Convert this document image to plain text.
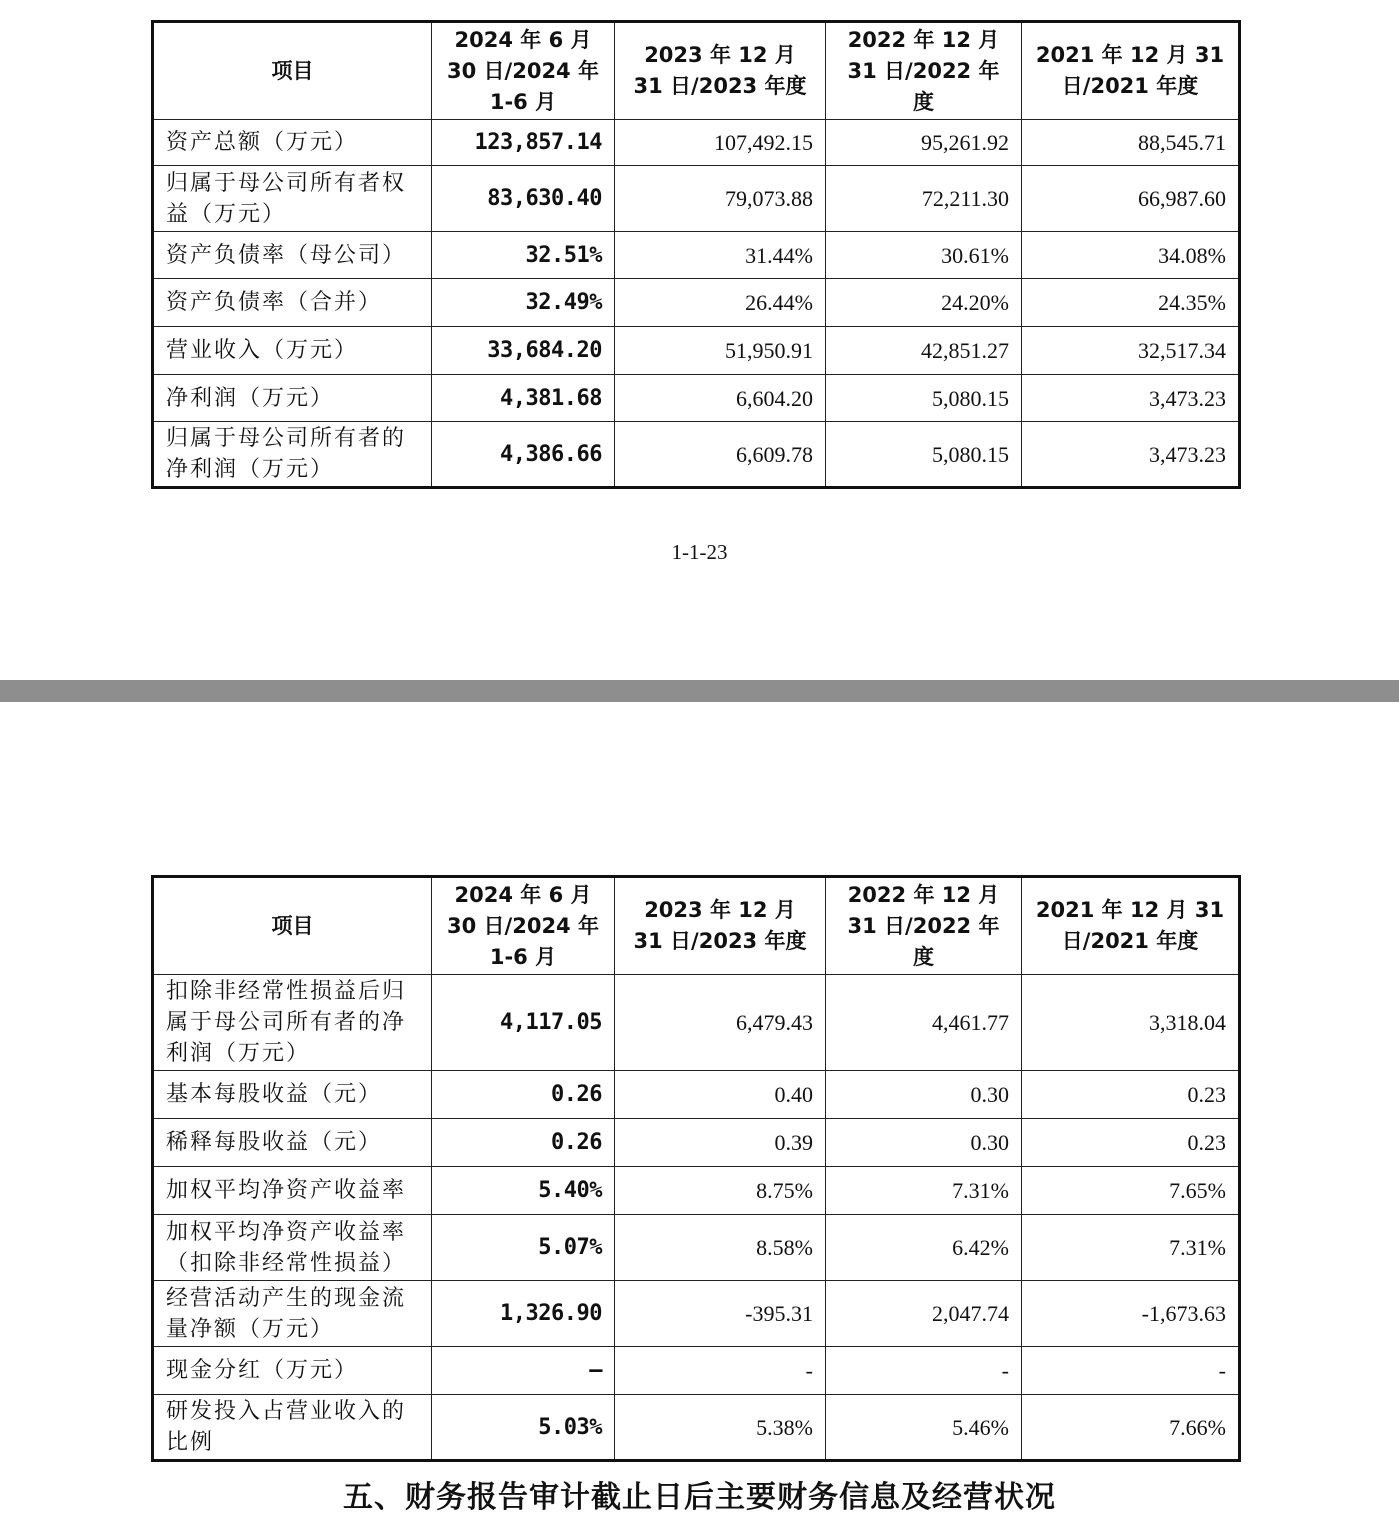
项目	2024 年 6 月 30 日/2024 年 1-6 月	2023 年 12 月 31 日/2023 年度	2022 年 12 月 31 日/2022 年度	2021 年 12 月 31 日/2021 年度
资产总额（万元）	123,857.14	107,492.15	95,261.92	88,545.71
归属于母公司所有者权益（万元）	83,630.40	79,073.88	72,211.30	66,987.60
资产负债率（母公司）	32.51%	31.44%	30.61%	34.08%
资产负债率（合并）	32.49%	26.44%	24.20%	24.35%
营业收入（万元）	33,684.20	51,950.91	42,851.27	32,517.34
净利润（万元）	4,381.68	6,604.20	5,080.15	3,473.23
归属于母公司所有者的净利润（万元）	4,386.66	6,609.78	5,080.15	3,473.23
1-1-23
项目	2024 年 6 月 30 日/2024 年 1-6 月	2023 年 12 月 31 日/2023 年度	2022 年 12 月 31 日/2022 年度	2021 年 12 月 31 日/2021 年度
扣除非经常性损益后归属于母公司所有者的净利润（万元）	4,117.05	6,479.43	4,461.77	3,318.04
基本每股收益（元）	0.26	0.40	0.30	0.23
稀释每股收益（元）	0.26	0.39	0.30	0.23
加权平均净资产收益率	5.40%	8.75%	7.31%	7.65%
加权平均净资产收益率（扣除非经常性损益）	5.07%	8.58%	6.42%	7.31%
经营活动产生的现金流量净额（万元）	1,326.90	-395.31	2,047.74	-1,673.63
现金分红（万元）	–	-	-	-
研发投入占营业收入的比例	5.03%	5.38%	5.46%	7.66%
五、财务报告审计截止日后主要财务信息及经营状况
